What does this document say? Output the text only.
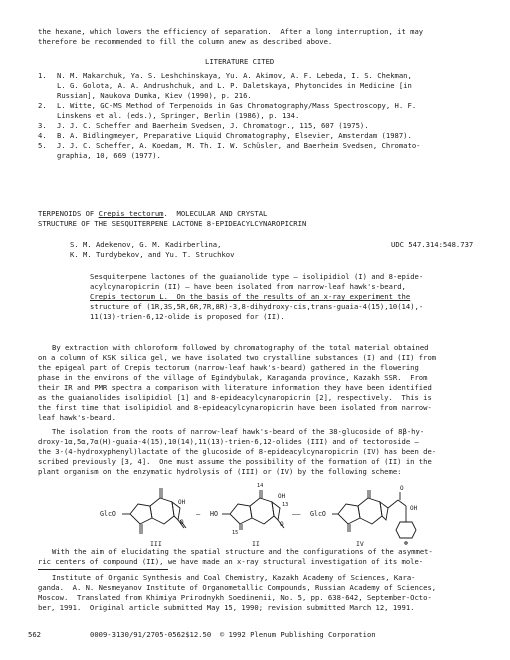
the hexane, which lowers the efficiency of separation.  After a long interruption, it may
therefore be recommended to fill the column anew as described above.
LITERATURE CITED
1. N. M. Makarchuk, Ya. S. Leshchinskaya, Yu. A. Akimov, A. F. Lebeda, I. S. Chekman,
L. G. Golota, A. A. Andrushchuk, and L. P. Daletskaya, Phytoncides in Medicine [in
Russian], Naukova Dumka, Kiev (1990), p. 216.
2. L. Witte, GC-MS Method of Terpenoids in Gas Chromatography/Mass Spectroscopy, H. F.
Linskens et al. (eds.), Springer, Berlin (1986), p. 134.
3. J. J. C. Scheffer and Baerheim Svedsen, J. Chromatogr., 115, 607 (1975).
4. B. A. Bidlingmeyer, Preparative Liquid Chromatography, Elsevier, Amsterdam (1987).
5. J. J. C. Scheffer, A. Koedam, M. Th. I. W. Schüsler, and Baerheim Svedsen, Chromato-
graphia, 10, 669 (1977).
TERPENOIDS OF Crepis tectorum.  MOLECULAR AND CRYSTAL
STRUCTURE OF THE SESQUITERPENE LACTONE 8-EPIDEACYLCYNAROPICRIN
S. M. Adekenov, G. M. Kadirberlina,
K. M. Turdybekov, and Yu. T. Struchkov
UDC 547.314:548.737
Sesquiterpene lactones of the guaianolide type — isolipidiol (I) and 8-epide-
acylcynaropicrin (II) — have been isolated from narrow-leaf hawk's-beard,
Crepis tectorum L.  On the basis of the results of an x-ray experiment the
structure of (1R,3S,5R,6R,7R,8R)-3,8-dihydroxy-cis,trans-guaia-4(15),10(14),-
11(13)-trien-6,12-olide is proposed for (II).
By extraction with chloroform followed by chromatography of the total material obtained
on a column of KSK silica gel, we have isolated two crystalline substances (I) and (II) from
the epigeal part of Crepis tectorum (narrow-leaf hawk's-beard) gathered in the flowering
phase in the environs of the village of Egindybulak, Karaganda province, Kazakh SSR.  From
their IR and PMR spectra a comparison with literature information they have been identified
as the guaianolides isolipidiol [1] and 8-epideacylcynaropicrin [2], respectively.  This is
the first time that isolipidiol and 8-epideacylcynaropicrin have been isolated from narrow-
leaf hawk's-beard.
The isolation from the roots of narrow-leaf hawk's-beard of the 38-glucoside of 8β-hy-
droxy-1α,5α,7α(H)-guaia-4(15),10(14),11(13)-trien-6,12-olides (III) and of tectoroside —
the 3-(4-hydroxyphenyl)lactate of the glucoside of 8-epideacylcynaropicrin (IV) has been de-
scribed previously [3, 4].  One must assume the possibility of the formation of (II) in the
plant organism on the enzymatic hydrolysis of (III) or (IV) by the following scheme:
GlcO
OH
O
III
— HO
14
13
15
OH
O
II
—— GlcO
O
OH
IV
With the aim of elucidating the spatial structure and the configurations of the asymmet-
ric centers of compound (II), we have made an x-ray structural investigation of its mole-
Institute of Organic Synthesis and Coal Chemistry, Kazakh Academy of Sciences, Kara-
ganda.  A. N. Nesmeyanov Institute of Organometallic Compounds, Russian Academy of Sciences,
Moscow.  Translated from Khimiya Prirodnykh Soedinenii, No. 5, pp. 638-642, September-Octo-
ber, 1991.  Original article submitted May 15, 1990; revision submitted March 12, 1991.
562	0009-3130/91/2705-0562$12.50  © 1992 Plenum Publishing Corporation
